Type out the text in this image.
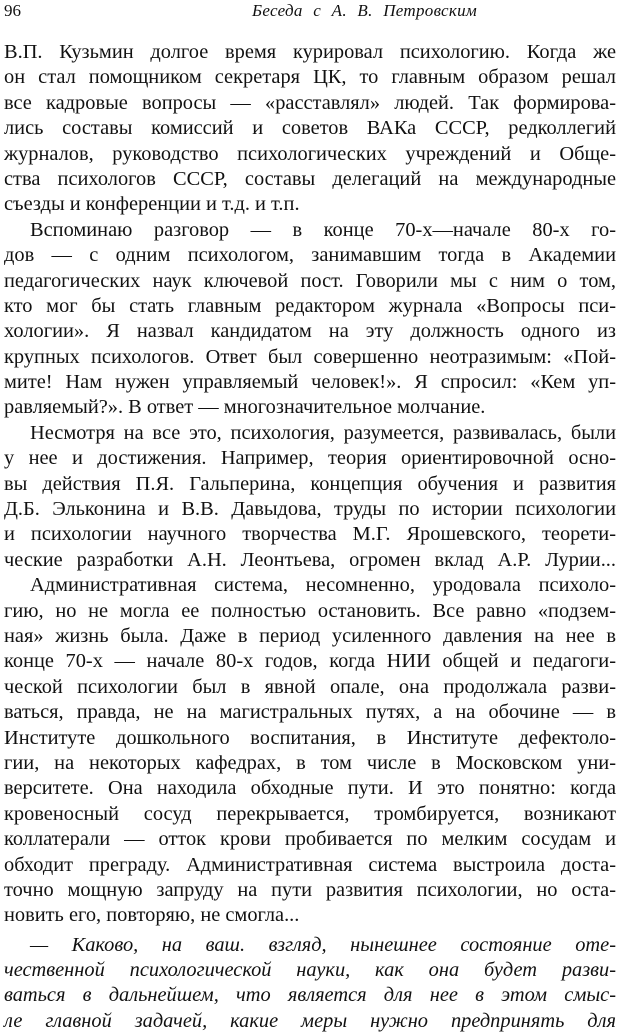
96	Беседа с А. В. Петровским
В.П. Кузьмин долгое время курировал психологию. Когда же
он стал помощником секретаря ЦК, то главным образом решал
все кадровые вопросы — «расставлял» людей. Так формирова-
лись составы комиссий и советов ВАКа СССР, редколлегий
журналов, руководство психологических учреждений и Обще-
ства психологов СССР, составы делегаций на международные
съезды и конференции и т.д. и т.п.
Вспоминаю разговор — в конце 70-х—начале 80-х го-
дов — с одним психологом, занимавшим тогда в Академии
педагогических наук ключевой пост. Говорили мы с ним о том,
кто мог бы стать главным редактором журнала «Вопросы пси-
хологии». Я назвал кандидатом на эту должность одного из
крупных психологов. Ответ был совершенно неотразимым: «Пой-
мите! Нам нужен управляемый человек!». Я спросил: «Кем уп-
равляемый?». В ответ — многозначительное молчание.
Несмотря на все это, психология, разумеется, развивалась, были
у нее и достижения. Например, теория ориентировочной осно-
вы действия П.Я. Гальперина, концепция обучения и развития
Д.Б. Эльконина и В.В. Давыдова, труды по истории психологии
и психологии научного творчества М.Г. Ярошевского, теорети-
ческие разработки А.Н. Леонтьева, огромен вклад А.Р. Лурии...
Административная система, несомненно, уродовала психоло-
гию, но не могла ее полностью остановить. Все равно «подзем-
ная» жизнь была. Даже в период усиленного давления на нее в
конце 70-х — начале 80-х годов, когда НИИ общей и педагоги-
ческой психологии был в явной опале, она продолжала разви-
ваться, правда, не на магистральных путях, а на обочине — в
Институте дошкольного воспитания, в Институте дефектоло-
гии, на некоторых кафедрах, в том числе в Московском уни-
верситете. Она находила обходные пути. И это понятно: когда
кровеносный сосуд перекрывается, тромбируется, возникают
коллатерали — отток крови пробивается по мелким сосудам и
обходит преграду. Административная система выстроила доста-
точно мощную запруду на пути развития психологии, но оста-
новить его, повторяю, не смогла...
— Каково, на ваш. взгляд, нынешнее состояние оте-
чественной психологической науки, как она будет разви-
ваться в дальнейшем, что является для нее в этом смыс-
ле главной задачей, какие меры нужно предпринять для
